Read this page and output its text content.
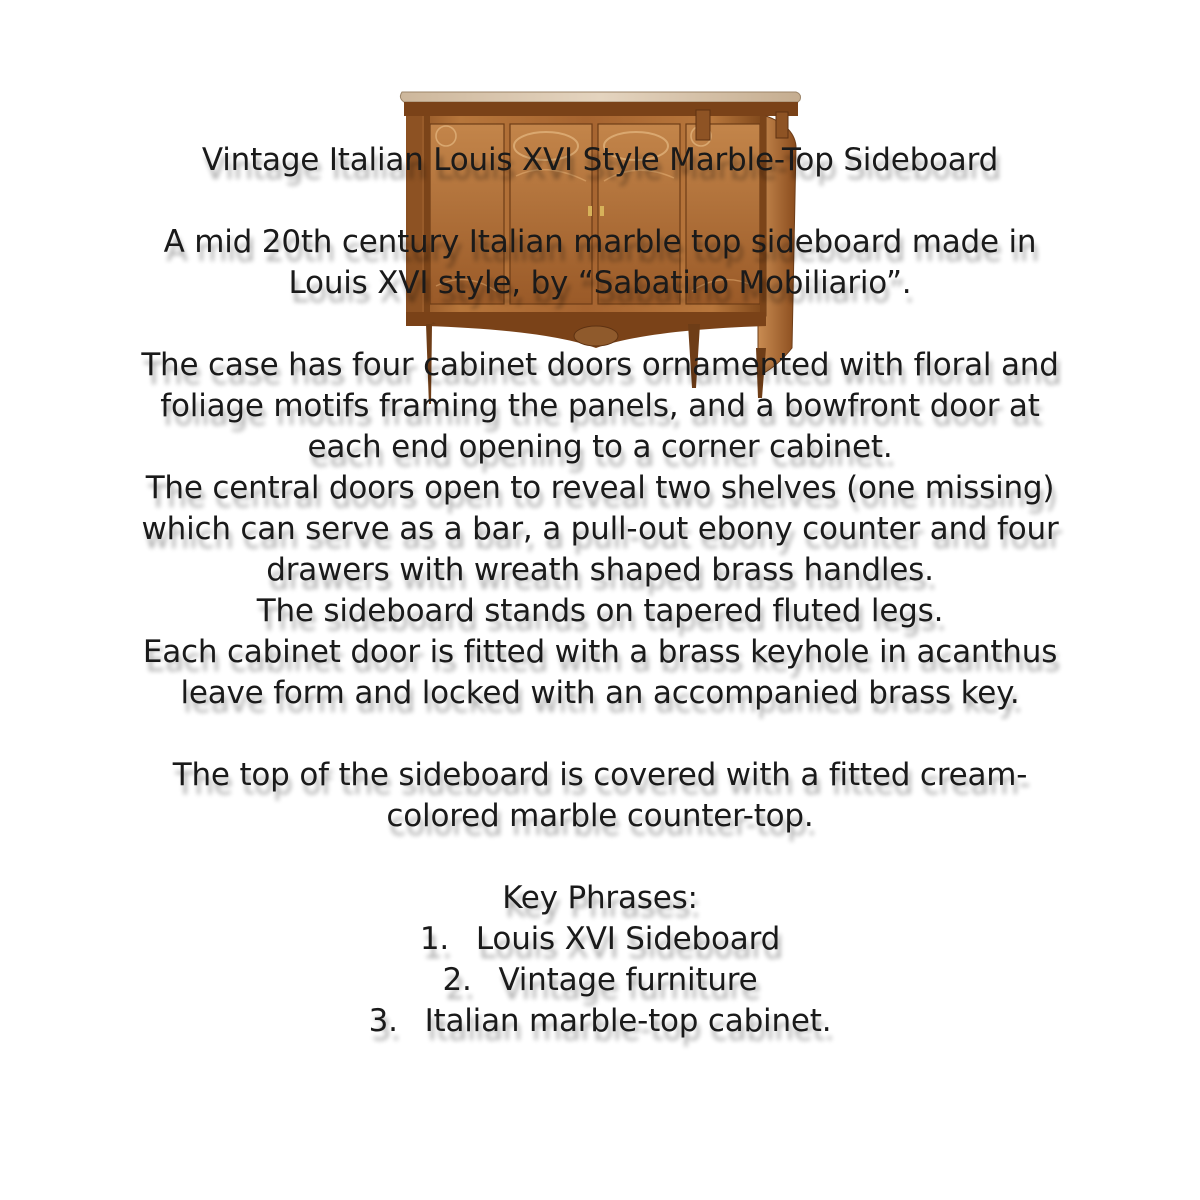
Vintage Italian Louis XVI Style Marble-Top Sideboard
A mid 20th century Italian marble top sideboard made in
Louis XVI style, by “Sabatino Mobiliario”.
The case has four cabinet doors ornamented with floral and
foliage motifs framing the panels, and a bowfront door at
each end opening to a corner cabinet.
The central doors open to reveal two shelves (one missing)
which can serve as a bar, a pull-out ebony counter and four
drawers with wreath shaped brass handles.
The sideboard stands on tapered fluted legs.
Each cabinet door is fitted with a brass keyhole in acanthus
leave form and locked with an accompanied brass key.
The top of the sideboard is covered with a fitted cream-
colored marble counter-top.
Key Phrases:
1. Louis XVI Sideboard
2. Vintage furniture
3. Italian marble-top cabinet.
